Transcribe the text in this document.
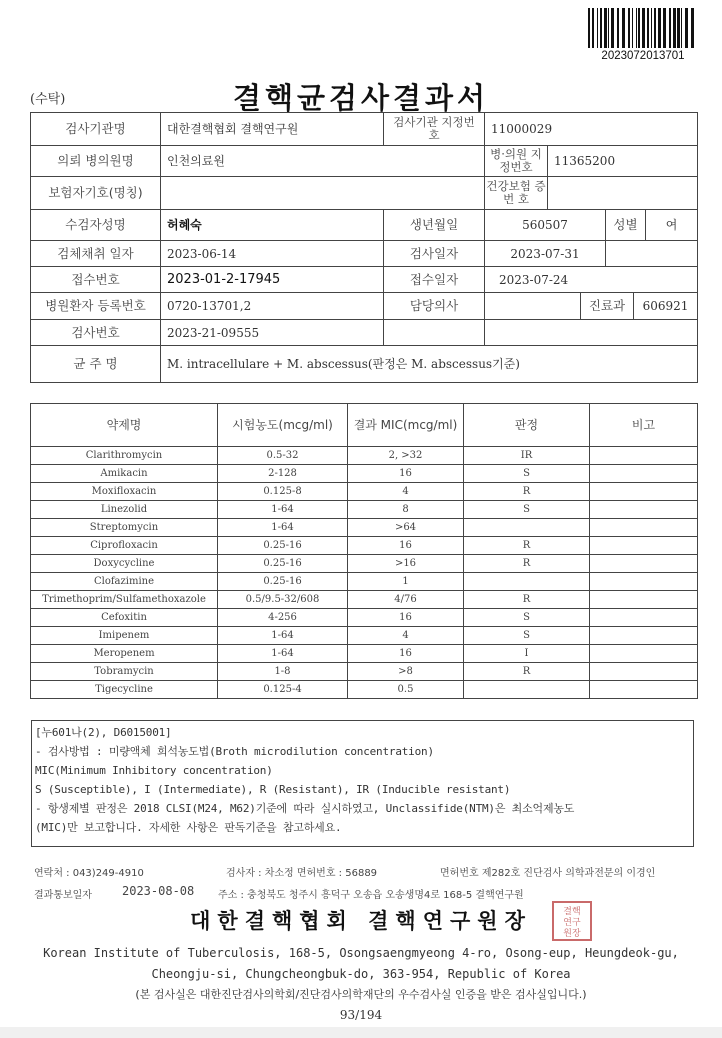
(수탁)	결핵균검사결과서
2023072013701
검사기관명	대한결핵협회 결핵연구원	검사기관 지정번호	11000029					
의뢰 병의원명	인천의료원		병·의원 지정번호	11365200				
보험자기호(명칭)			건강보험 증 번 호					
수검자성명	허혜숙	생년월일	560507			성별		여
검체채취 일자	2023-06-14	검사일자	2023-07-31					
접수번호	2023-01-2-17945	접수일자	2023-07-24					
병원환자 등록번호	0720-13701,2	담당의사			진료과		606921	
검사번호	2023-21-09555							
균 주 명	M. intracellulare + M. abscessus(판정은 M. abscessus기준)							
약제명	시험농도(mcg/ml)	결과 MIC(mcg/ml)	판정	비고
Clarithromycin	0.5-32	2, >32	IR	
Amikacin	2-128	16	S	
Moxifloxacin	0.125-8	4	R	
Linezolid	1-64	8	S	
Streptomycin	1-64	>64		
Ciprofloxacin	0.25-16	16	R	
Doxycycline	0.25-16	>16	R	
Clofazimine	0.25-16	1		
Trimethoprim/Sulfamethoxazole	0.5/9.5-32/608	4/76	R	
Cefoxitin	4-256	16	S	
Imipenem	1-64	4	S	
Meropenem	1-64	16	I	
Tobramycin	1-8	>8	R	
Tigecycline	0.125-4	0.5		
[누601나(2), D6015001]
- 검사방법 : 미량액체 희석농도법(Broth microdilution concentration)
MIC(Minimum Inhibitory concentration)
S (Susceptible), I (Intermediate), R (Resistant), IR (Inducible resistant)
- 항생제별 판정은 2018 CLSI(M24, M62)기준에 따라 실시하였고, Unclassifide(NTM)은 최소억제농도
(MIC)만 보고합니다. 자세한 사항은 판독기준을 참고하세요.
연락처 : 043)249-4910	검사자 : 차소정 면허번호 : 56889	면허번호 제282호 진단검사 의학과전문의 이경인
결과통보일자	2023-08-08 주소 : 충청북도 청주시 흥덕구 오송읍 오송생명4로 168-5 결핵연구원
결핵
연구
원장
대한결핵협회 결핵연구원장
Korean Institute of Tuberculosis, 168-5, Osongsaengmyeong 4-ro, Osong-eup, Heungdeok-gu,
Cheongju-si, Chungcheongbuk-do, 363-954, Republic of Korea
(본 검사실은 대한진단검사의학회/진단검사의학재단의 우수검사실 인증을 받은 검사실입니다.)
93/194
